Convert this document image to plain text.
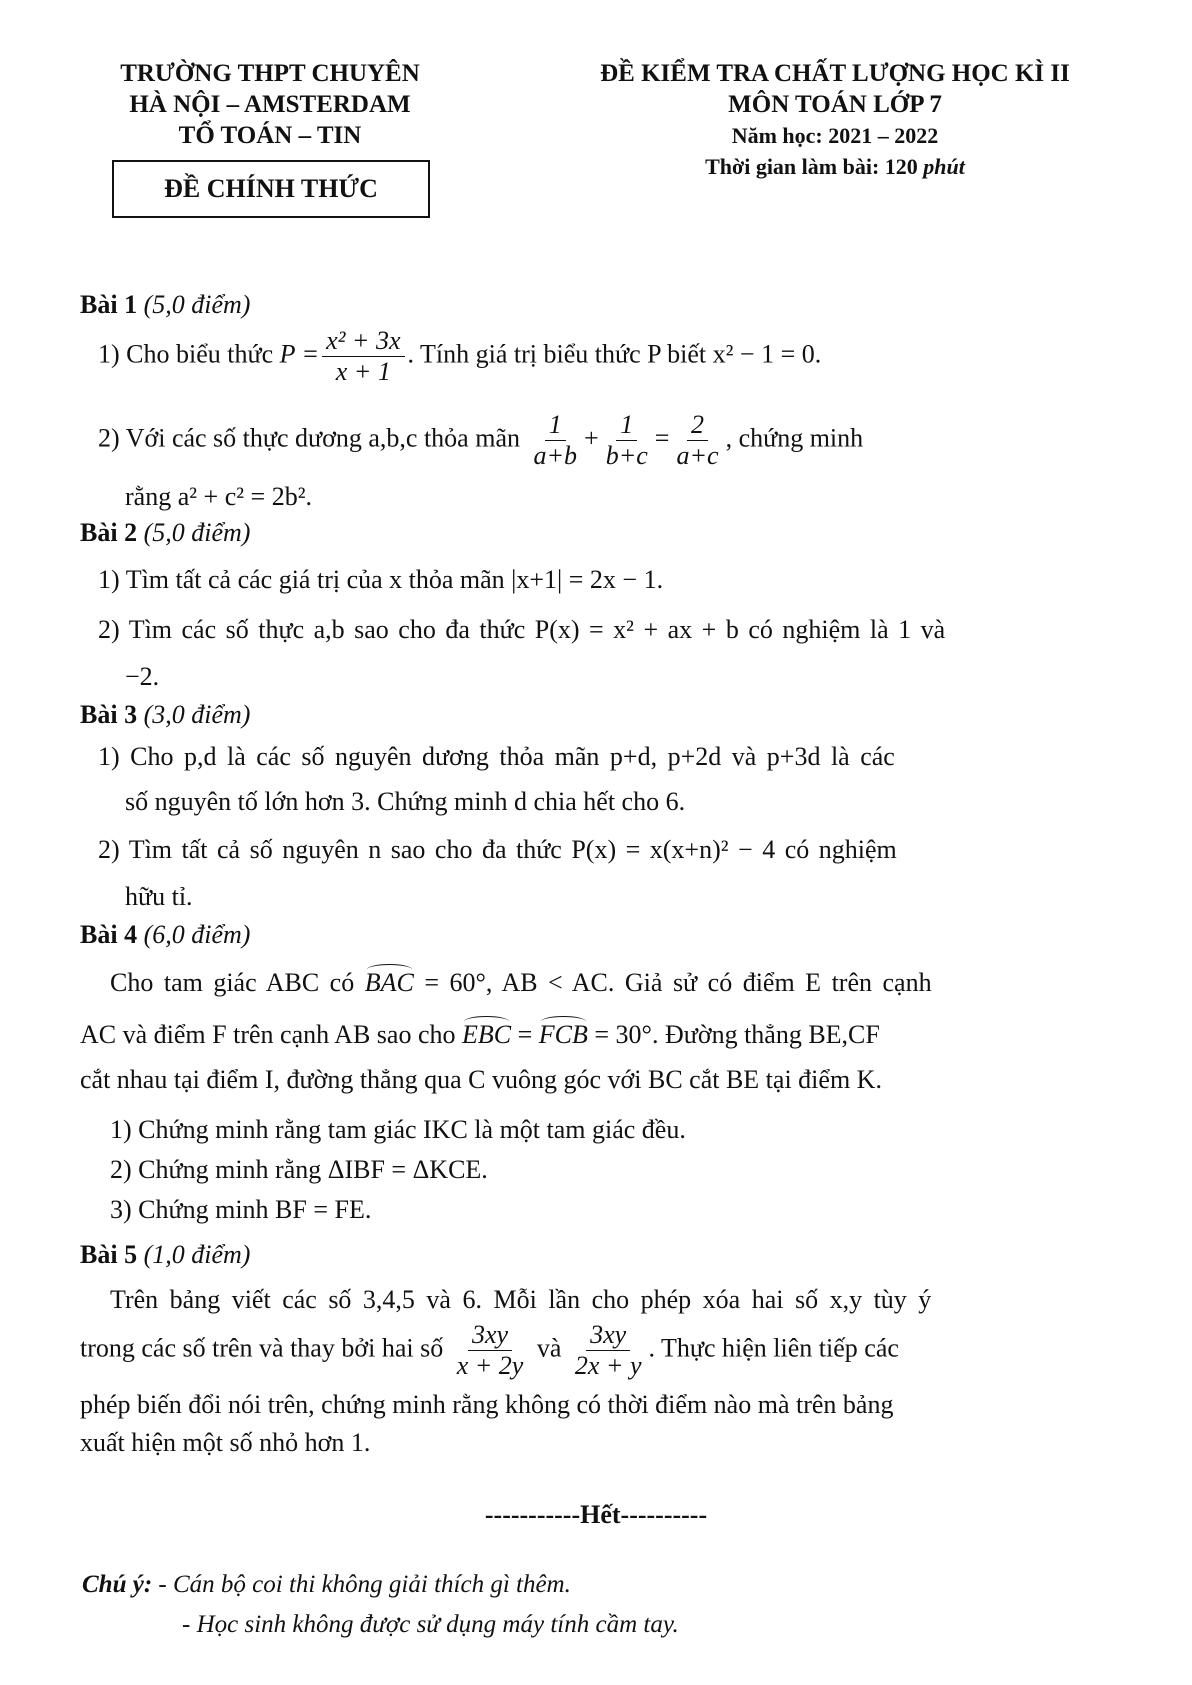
TRƯỜNG THPT CHUYÊN
HÀ NỘI – AMSTERDAM
TỔ TOÁN – TIN
ĐỀ CHÍNH THỨC
ĐỀ KIỂM TRA CHẤT LƯỢNG HỌC KÌ II
MÔN TOÁN LỚP 7
Năm học: 2021 – 2022
Thời gian làm bài: 120 phút
Bài 1 (5,0 điểm)
1) Cho biểu thức $P = \frac{\text{x² + 3x}}{x + 1}$ . Tính giá trị biểu thức P biết x² − 1 = 0.
2) Với các số thực dương a,b,c thỏa mãn $\frac{1}{a+b} + \frac{1}{b+c} = \frac{2}{a+c}$ , chứng minh
rằng a² + c² = 2b².
Bài 2 (5,0 điểm)
1) Tìm tất cả các giá trị của x thỏa mãn |x+1| = 2x − 1.
2) Tìm các số thực a,b sao cho đa thức P(x) = x² + ax + b có nghiệm là 1 và
−2.
Bài 3 (3,0 điểm)
1) Cho p,d là các số nguyên dương thỏa mãn p+d, p+2d và p+3d là các
số nguyên tố lớn hơn 3. Chứng minh d chia hết cho 6.
2) Tìm tất cả số nguyên n sao cho đa thức P(x) = x(x+n)² − 4 có nghiệm
hữu tỉ.
Bài 4 (6,0 điểm)
Cho tam giác ABC có BAC = 60°, AB < AC. Giả sử có điểm E trên cạnh
AC và điểm F trên cạnh AB sao cho EBC = FCB = 30°. Đường thẳng BE,CF
cắt nhau tại điểm I, đường thẳng qua C vuông góc với BC cắt BE tại điểm K.
1) Chứng minh rằng tam giác IKC là một tam giác đều.
2) Chứng minh rằng ΔIBF = ΔKCE.
3) Chứng minh BF = FE.
Bài 5 (1,0 điểm)
Trên bảng viết các số 3,4,5 và 6. Mỗi lần cho phép xóa hai số x,y tùy ý
trong các số trên và thay bởi hai số $\frac{3xy}{x + 2y}$ và $\frac{3xy}{2x + y}$ . Thực hiện liên tiếp các
phép biến đổi nói trên, chứng minh rằng không có thời điểm nào mà trên bảng
xuất hiện một số nhỏ hơn 1.
-----------Hết----------
Chú ý: - Cán bộ coi thi không giải thích gì thêm.
- Học sinh không được sử dụng máy tính cầm tay.
